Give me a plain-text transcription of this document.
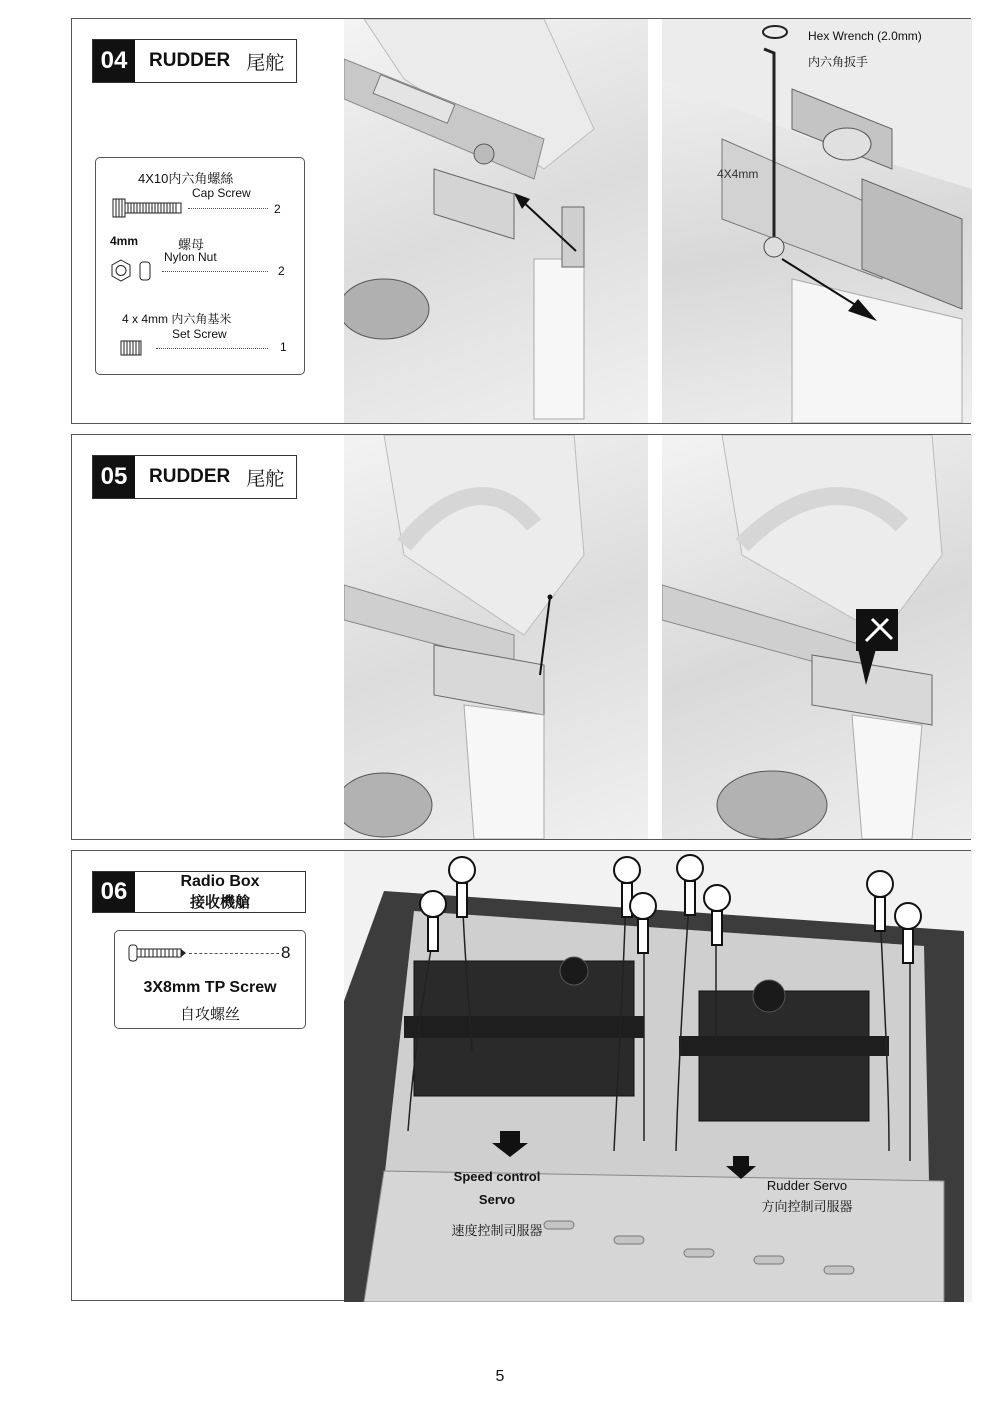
04	RUDDER 尾舵
4X10内六角螺絲
Cap Screw
2
4mm	螺母
Nylon Nut
2
4 x 4mm 内六角基米
Set Screw
1
Hex Wrench (2.0mm)
内六角扳手
4X4mm
05	RUDDER 尾舵
06	Radio Box
接收機艙
8
3X8mm TP Screw
自攻螺丝
Speed control
Servo
速度控制司服器
Rudder Servo
方向控制司服器
5
